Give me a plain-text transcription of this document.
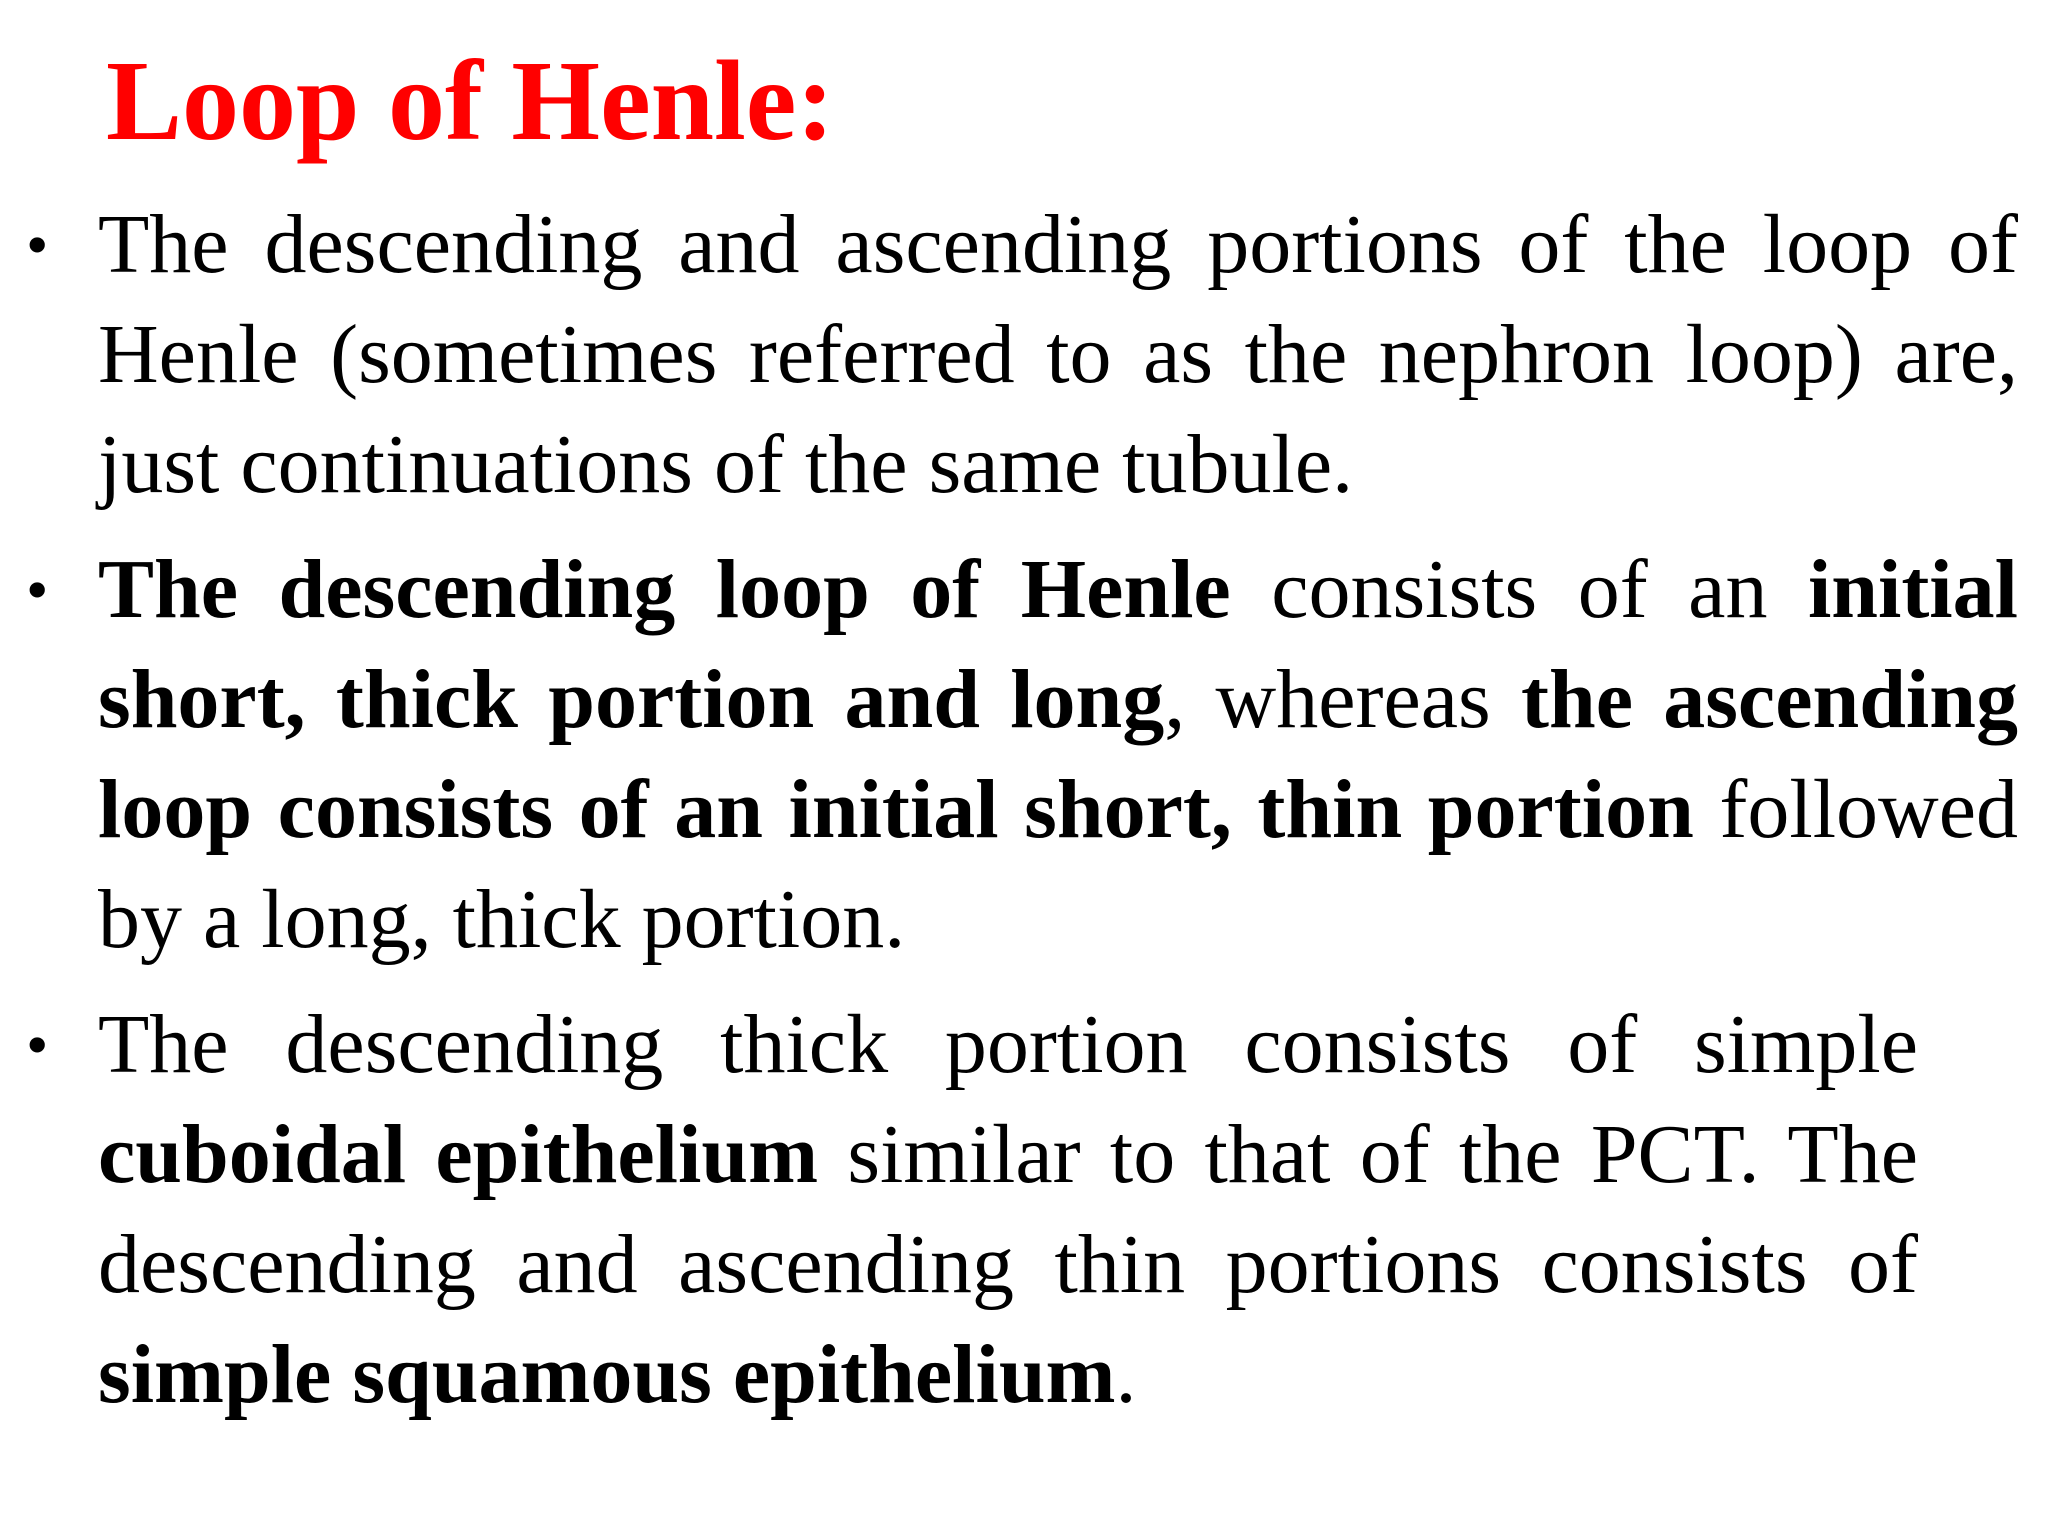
Loop of Henle:
• The descending and ascending portions of the loop of Henle (sometimes referred to as the nephron loop) are, just continuations of the same tubule.
• The descending loop of Henle consists of an initial short, thick portion and long, whereas the ascending loop consists of an initial short, thin portion followed by a long, thick portion.
• The descending thick portion consists of simple cuboidal epithelium similar to that of the PCT. The descending and ascending thin portions consists of simple squamous epithelium.
